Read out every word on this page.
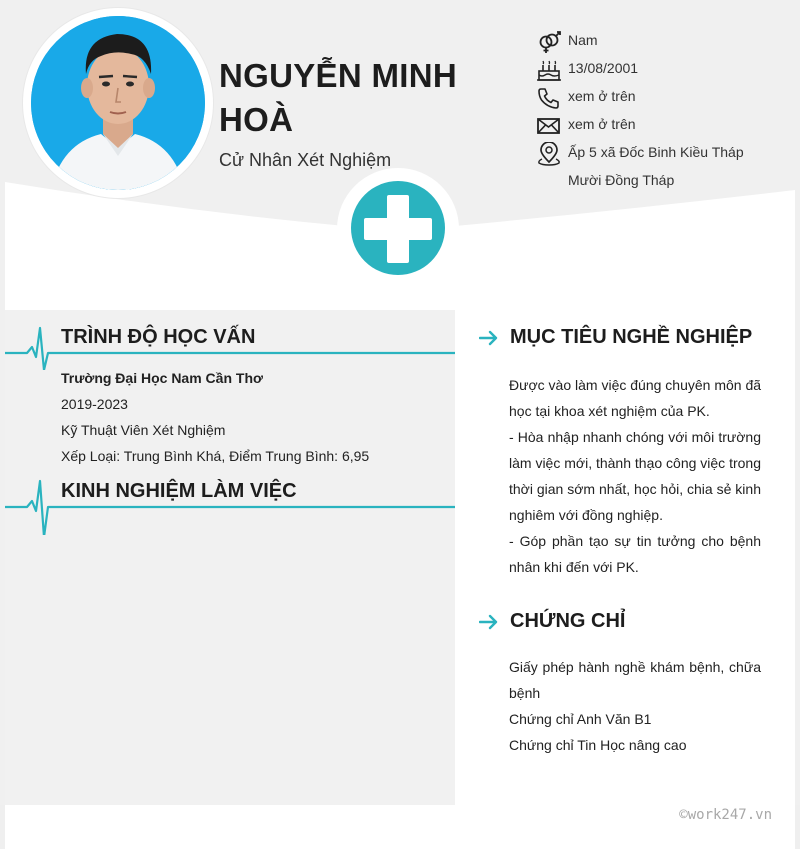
NGUYỄN MINH HOÀ
Cử Nhân Xét Nghiệm
Nam
13/08/2001
xem ở trên
xem ở trên
Ấp 5 xã Đốc Binh Kiều Tháp Mười Đồng Tháp
TRÌNH ĐỘ HỌC VẤN
Trường Đại Học Nam Cần Thơ
2019-2023
Kỹ Thuật Viên Xét Nghiệm
Xếp Loại: Trung Bình Khá, Điểm Trung Bình: 6,95
KINH NGHIỆM LÀM VIỆC
MỤC TIÊU NGHỀ NGHIỆP

Được vào làm việc đúng chuyên môn đã học tại khoa xét nghiệm của PK.

- Hòa nhập nhanh chóng với môi trường làm việc mới, thành thạo công việc trong thời gian sớm nhất, học hỏi, chia sẻ kinh nghiêm với đồng nghiệp.

- Góp phần tạo sự tin tưởng cho bệnh nhân khi đến với PK.

CHỨNG CHỈ

Giấy phép hành nghề khám bệnh, chữa bệnh

Chứng chỉ Anh Văn B1

Chứng chỉ Tin Học nâng cao

©work247.vn
